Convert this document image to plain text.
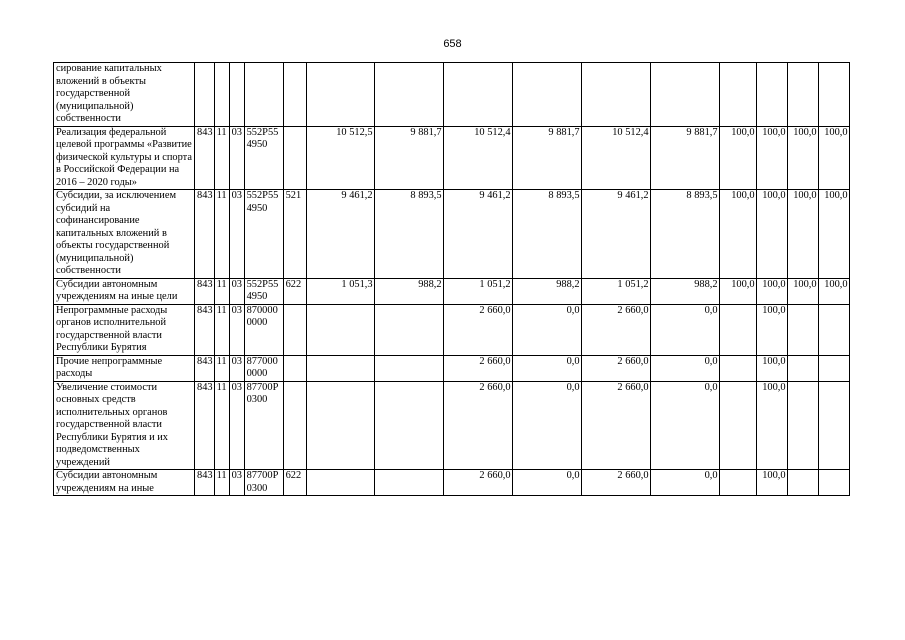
658
сирование капитальных вложений в объекты государственной (муниципальной) собственности															
Реализация федеральной целевой программы «Развитие физической культуры и спорта в Российской Федерации на 2016 – 2020 годы»	843	11	03	552P554950		10 512,5	9 881,7	10 512,4	9 881,7	10 512,4	9 881,7	100,0	100,0	100,0	100,0
Субсидии, за исключением субсидий на софинансирование капитальных вложений в объекты государственной (муниципальной) собственности	843	11	03	552P554950	521	9 461,2	8 893,5	9 461,2	8 893,5	9 461,2	8 893,5	100,0	100,0	100,0	100,0
Субсидии автономным учреждениям на иные цели	843	11	03	552P554950	622	1 051,3	988,2	1 051,2	988,2	1 051,2	988,2	100,0	100,0	100,0	100,0
Непрограммные расходы органов исполнительной государственной власти Республики Бурятия	843	11	03	8700000000				2 660,0	0,0	2 660,0	0,0		100,0		
Прочие непрограммные расходы	843	11	03	8770000000				2 660,0	0,0	2 660,0	0,0		100,0		
Увеличение стоимости основных средств исполнительных органов государственной власти Республики Бурятия и их подведомственных учреждений	843	11	03	87700P0300				2 660,0	0,0	2 660,0	0,0		100,0		
Субсидии автономным учреждениям на иные	843	11	03	87700P0300	622			2 660,0	0,0	2 660,0	0,0		100,0		
